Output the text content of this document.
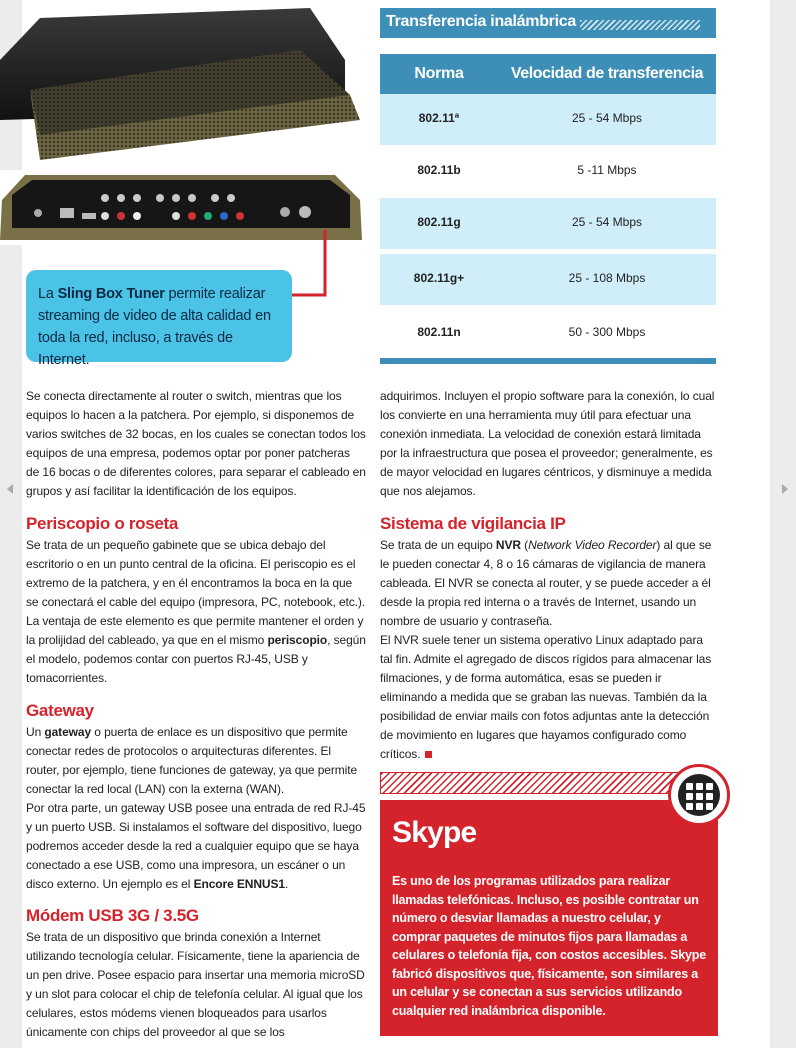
La Sling Box Tuner permite realizar streaming de video de alta calidad en toda la red, incluso, a través de Internet.
Transferencia inalámbrica
Norma	Velocidad de transferencia
802.11ª	25 - 54 Mbps
802.11b	5 -11 Mbps
802.11g	25 - 54 Mbps
802.11g+	25 - 108 Mbps
802.11n	50 - 300 Mbps

Se conecta directamente al router o switch, mientras que los equipos lo hacen a la patchera. Por ejemplo, si disponemos de varios switches de 32 bocas, en los cuales se conectan todos los equipos de una empresa, podemos optar por poner patcheras de 16 bocas o de diferentes colores, para separar el cableado en grupos y así facilitar la identificación de los equipos.

Periscopio o roseta

Se trata de un pequeño gabinete que se ubica debajo del escritorio o en un punto central de la oficina. El periscopio es el extremo de la patchera, y en él encontramos la boca en la que se conectará el cable del equipo (impresora, PC, notebook, etc.). La ventaja de este elemento es que permite mantener el orden y la prolijidad del cableado, ya que en el mismo periscopio, según el modelo, podemos contar con puertos RJ-45, USB y tomacorrientes.

Gateway

Un gateway o puerta de enlace es un dispositivo que permite conectar redes de protocolos o arquitecturas diferentes. El router, por ejemplo, tiene funciones de gateway, ya que permite conectar la red local (LAN) con la externa (WAN).

Por otra parte, un gateway USB posee una entrada de red RJ-45 y un puerto USB. Si instalamos el software del dispositivo, luego podremos acceder desde la red a cualquier equipo que se haya conectado a ese USB, como una impresora, un escáner o un disco externo. Un ejemplo es el Encore ENNUS1.

Módem USB 3G / 3.5G

Se trata de un dispositivo que brinda conexión a Internet utilizando tecnología celular. Físicamente, tiene la apariencia de un pen drive. Posee espacio para insertar una memoria microSD y un slot para colocar el chip de telefonía celular. Al igual que los celulares, estos módems vienen bloqueados para usarlos únicamente con chips del proveedor al que se los

adquirimos. Incluyen el propio software para la conexión, lo cual los convierte en una herramienta muy útil para efectuar una conexión inmediata. La velocidad de conexión estará limitada por la infraestructura que posea el proveedor; generalmente, es de mayor velocidad en lugares céntricos, y disminuye a medida que nos alejamos.

Sistema de vigilancia IP

Se trata de un equipo NVR (Network Video Recorder) al que se le pueden conectar 4, 8 o 16 cámaras de vigilancia de manera cableada. El NVR se conecta al router, y se puede acceder a él desde la propia red interna o a través de Internet, usando un nombre de usuario y contraseña.

El NVR suele tener un sistema operativo Linux adaptado para tal fin. Admite el agregado de discos rígidos para almacenar las filmaciones, y de forma automática, esas se pueden ir eliminando a medida que se graban las nuevas. También da la posibilidad de enviar mails con fotos adjuntas ante la detección de movimiento en lugares que hayamos configurado como críticos.

Skype
Es uno de los programas utilizados para realizar llamadas telefónicas. Incluso, es posible contratar un número o desviar llamadas a nuestro celular, y comprar paquetes de minutos fijos para llamadas a celulares o telefonía fija, con costos accesibles. Skype fabricó dispositivos que, físicamente, son similares a un celular y se conectan a sus servicios utilizando cualquier red inalámbrica disponible.
